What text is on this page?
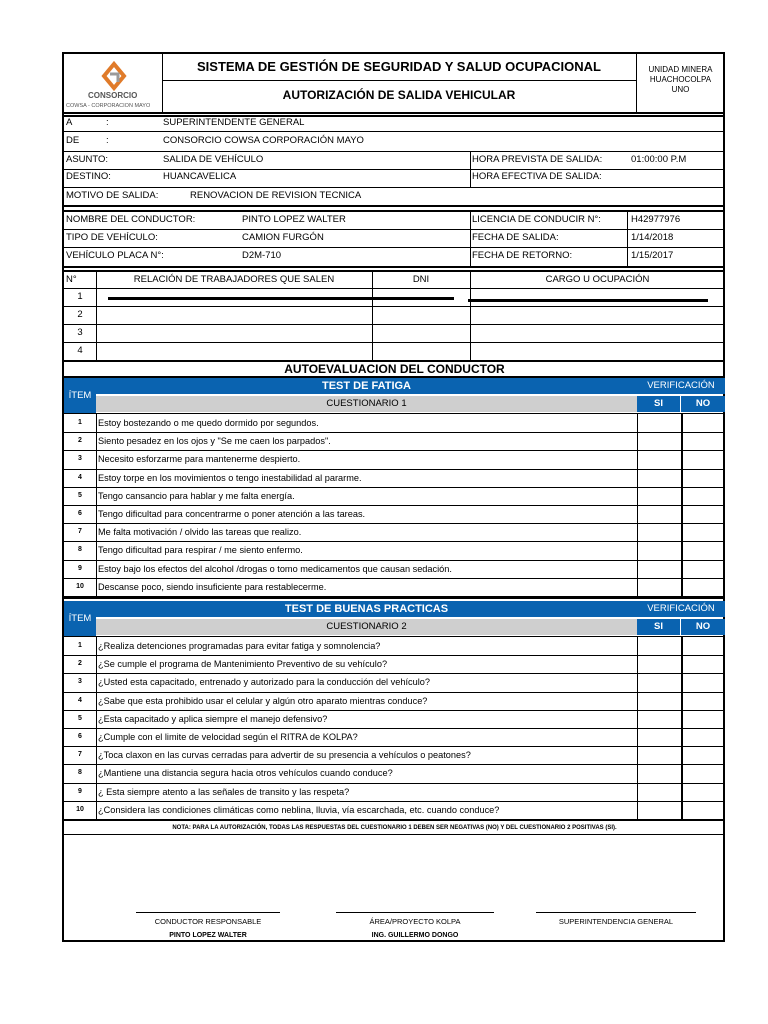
CONSORCIO
COWSA - CORPORACION MAYO
SISTEMA DE GESTIÓN DE SEGURIDAD Y SALUD OCUPACIONAL
AUTORIZACIÓN DE SALIDA VEHICULAR
UNIDAD MINERA
HUACHOCOLPA
UNO
A	:	SUPERINTENDENTE GENERAL
DE	:	CONSORCIO COWSA CORPORACIÓN MAYO
ASUNTO:	SALIDA DE VEHÍCULO	HORA PREVISTA DE SALIDA:	01:00:00 P.M
DESTINO:	HUANCAVELICA	HORA EFECTIVA DE SALIDA:
MOTIVO DE SALIDA:	RENOVACION DE REVISION TECNICA
NOMBRE DEL CONDUCTOR:	PINTO LOPEZ WALTER	LICENCIA DE CONDUCIR N°:	H42977976
TIPO DE VEHÍCULO:	CAMION FURGÓN	FECHA DE SALIDA:	1/14/2018
VEHÍCULO PLACA N°:	D2M-710	FECHA DE RETORNO:	1/15/2017
N°	RELACIÓN DE TRABAJADORES QUE SALEN	DNI	CARGO U OCUPACIÓN
1
2
3
4
AUTOEVALUACION DEL CONDUCTOR
ÍTEM
TEST DE FATIGA	VERIFICACIÓN
CUESTIONARIO 1	SI	NO
1	Estoy bostezando o me quedo dormido por segundos.
2	Siento pesadez en los ojos y "Se me caen los parpados".
3	Necesito esforzarme para mantenerme despierto.
4	Estoy torpe en los movimientos o tengo inestabilidad al pararme.
5	Tengo cansancio para hablar y me falta energía.
6	Tengo dificultad para concentrarme o poner atención a las tareas.
7	Me falta motivación / olvido las tareas que realizo.
8	Tengo dificultad para respirar / me siento enfermo.
9	Estoy bajo los efectos del alcohol /drogas o tomo medicamentos que causan sedación.
10	Descanse poco, siendo insuficiente para restablecerme.
ÍTEM
TEST DE BUENAS PRACTICAS	VERIFICACIÓN
CUESTIONARIO 2	SI	NO
1	¿Realiza detenciones programadas para evitar fatiga y somnolencia?
2	¿Se cumple el programa de Mantenimiento Preventivo de su vehículo?
3	¿Usted esta capacitado, entrenado y autorizado para la conducción del vehículo?
4	¿Sabe que esta prohibido usar el celular y algún otro aparato mientras conduce?
5	¿Esta capacitado y aplica siempre el manejo defensivo?
6	¿Cumple con el limite de velocidad según el RITRA de KOLPA?
7	¿Toca claxon en las curvas cerradas para advertir de su presencia a vehículos o peatones?
8	¿Mantiene una distancia segura hacia otros vehículos cuando conduce?
9	¿ Esta siempre atento a las señales de transito y las respeta?
10	¿Considera las condiciones climáticas como neblina, lluvia, vía escarchada, etc. cuando conduce?
NOTA: PARA LA AUTORIZACIÓN, TODAS LAS RESPUESTAS DEL CUESTIONARIO 1 DEBEN SER NEGATIVAS (NO) Y DEL CUESTIONARIO 2 POSITIVAS (SI).
CONDUCTOR RESPONSABLE
PINTO LOPEZ WALTER
ÁREA/PROYECTO KOLPA
ING. GUILLERMO DONGO
SUPERINTENDENCIA GENERAL
